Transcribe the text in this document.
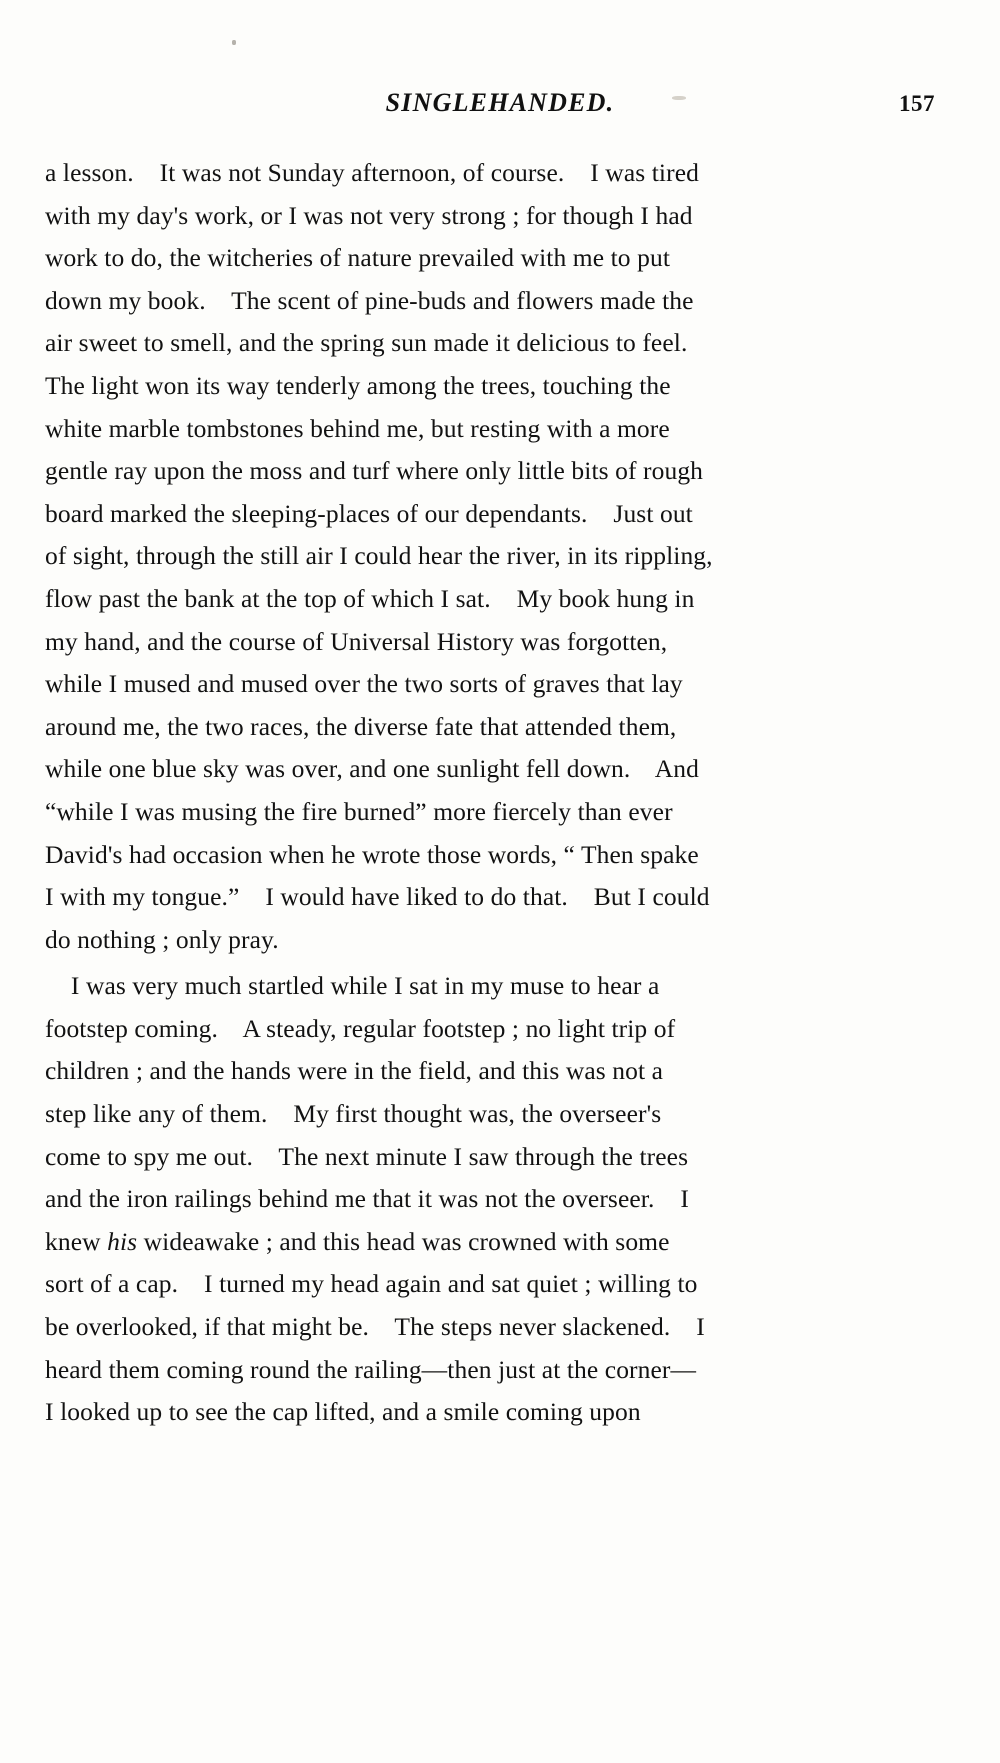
SINGLEHANDED.	157
a lesson.    It was not Sunday afternoon, of course.    I was tired
with my day's work, or I was not very strong ; for though I had
work to do, the witcheries of nature prevailed with me to put
down my book.    The scent of pine-buds and flowers made the
air sweet to smell, and the spring sun made it delicious to feel.
The light won its way tenderly among the trees, touching the
white marble tombstones behind me, but resting with a more
gentle ray upon the moss and turf where only little bits of rough
board marked the sleeping-places of our dependants.    Just out
of sight, through the still air I could hear the river, in its rippling,
flow past the bank at the top of which I sat.    My book hung in
my hand, and the course of Universal History was forgotten,
while I mused and mused over the two sorts of graves that lay
around me, the two races, the diverse fate that attended them,
while one blue sky was over, and one sunlight fell down.    And
“while I was musing the fire burned” more fiercely than ever
David's had occasion when he wrote those words, “ Then spake
I with my tongue.”    I would have liked to do that.    But I could
do nothing ; only pray.
I was very much startled while I sat in my muse to hear a
footstep coming.    A steady, regular footstep ; no light trip of
children ; and the hands were in the field, and this was not a
step like any of them.    My first thought was, the overseer's
come to spy me out.    The next minute I saw through the trees
and the iron railings behind me that it was not the overseer.    I
knew his wideawake ; and this head was crowned with some
sort of a cap.    I turned my head again and sat quiet ; willing to
be overlooked, if that might be.    The steps never slackened.    I
heard them coming round the railing—then just at the corner—
I looked up to see the cap lifted, and a smile coming upon
